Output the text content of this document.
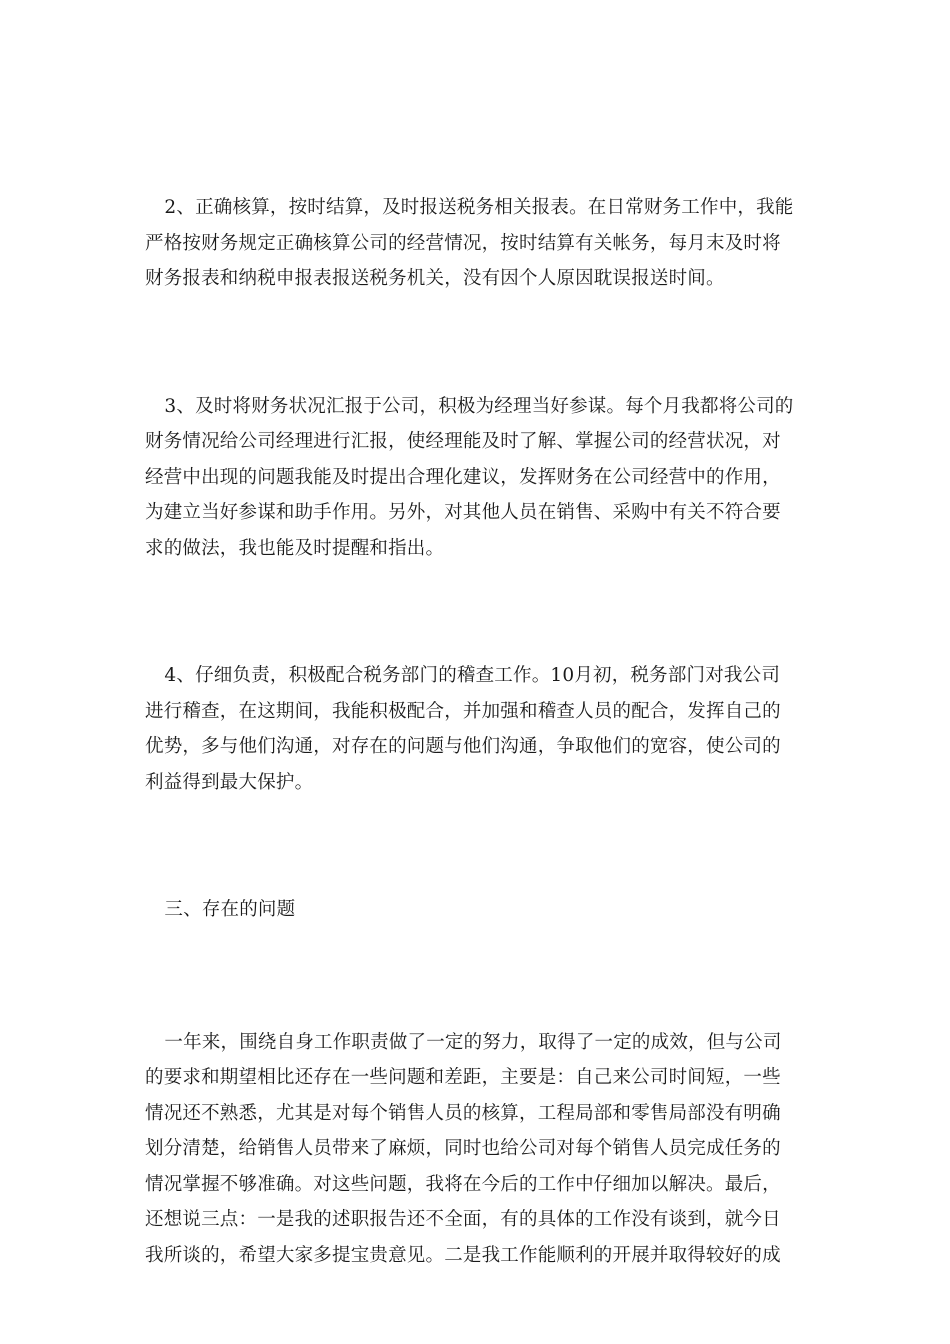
2、正确核算，按时结算，及时报送税务相关报表。在日常财务工作中，我能
严格按财务规定正确核算公司的经营情况，按时结算有关帐务，每月末及时将
财务报表和纳税申报表报送税务机关，没有因个人原因耽误报送时间。

3、及时将财务状况汇报于公司，积极为经理当好参谋。每个月我都将公司的
财务情况给公司经理进行汇报，使经理能及时了解、掌握公司的经营状况，对
经营中出现的问题我能及时提出合理化建议，发挥财务在公司经营中的作用，
为建立当好参谋和助手作用。另外，对其他人员在销售、采购中有关不符合要
求的做法，我也能及时提醒和指出。

4、仔细负责，积极配合税务部门的稽查工作。10月初，税务部门对我公司
进行稽查，在这期间，我能积极配合，并加强和稽查人员的配合，发挥自己的
优势，多与他们沟通，对存在的问题与他们沟通，争取他们的宽容，使公司的
利益得到最大保护。

三、存在的问题

一年来，围绕自身工作职责做了一定的努力，取得了一定的成效，但与公司
的要求和期望相比还存在一些问题和差距，主要是：自己来公司时间短，一些
情况还不熟悉，尤其是对每个销售人员的核算，工程局部和零售局部没有明确
划分清楚，给销售人员带来了麻烦，同时也给公司对每个销售人员完成任务的
情况掌握不够准确。对这些问题，我将在今后的工作中仔细加以解决。最后，
还想说三点：一是我的述职报告还不全面，有的具体的工作没有谈到，就今日
我所谈的，希望大家多提宝贵意见。二是我工作能顺利的开展并取得较好的成
